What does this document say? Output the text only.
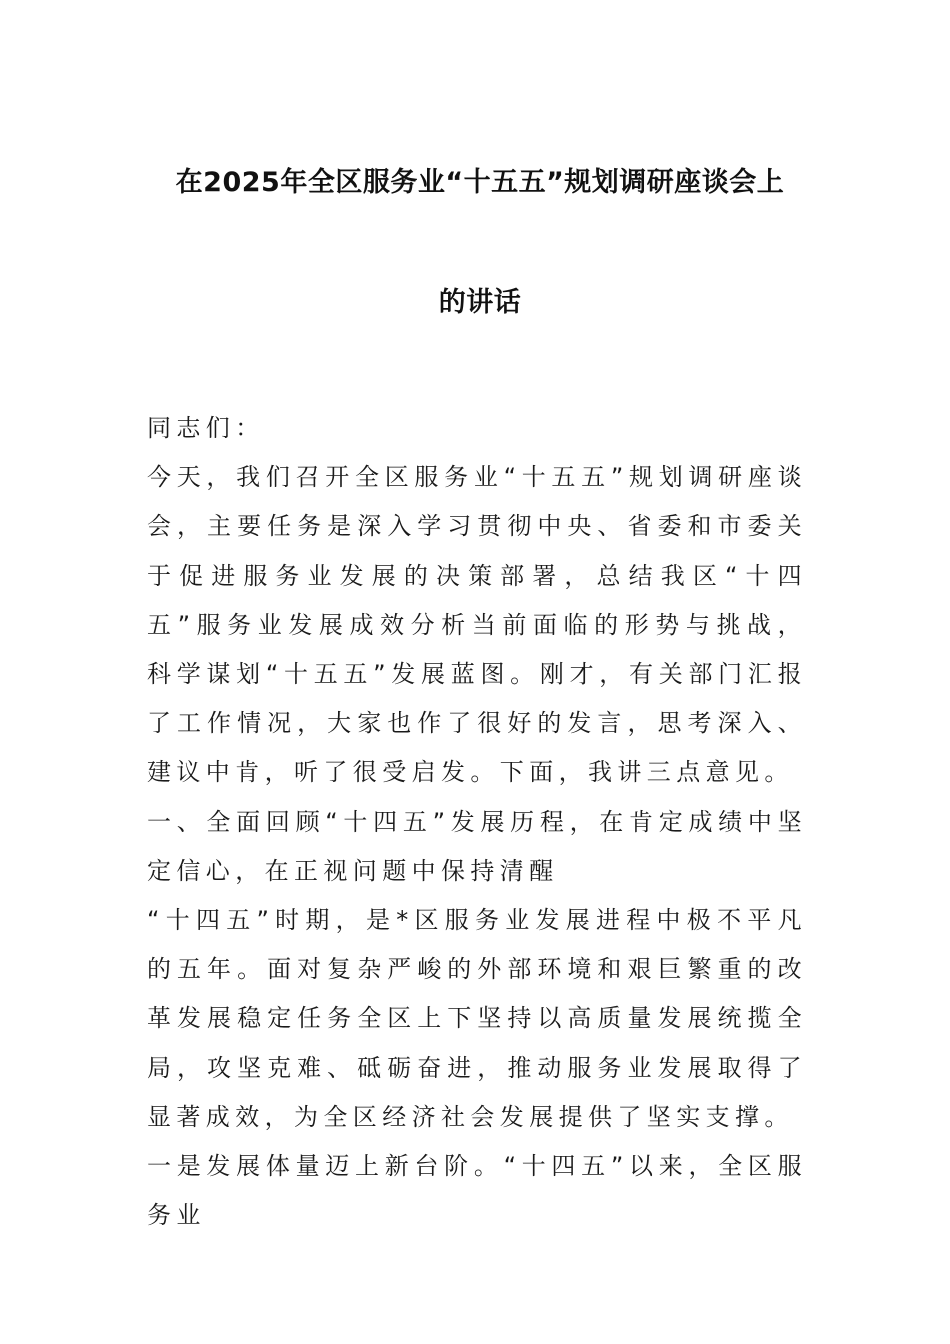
在2025年全区服务业“十五五”规划调研座谈会上
的讲话

同志们：

今天，我们召开全区服务业“十五五”规划调研座谈会，主要任务是深入学习贯彻中央、省委和市委关于促进服务业发展的决策部署，总结我区“十四五”服务业发展成效分析当前面临的形势与挑战，科学谋划“十五五”发展蓝图。刚才，有关部门汇报了工作情况，大家也作了很好的发言，思考深入、建议中肯，听了很受启发。下面，我讲三点意见。

一、全面回顾“十四五”发展历程，在肯定成绩中坚定信心，在正视问题中保持清醒

“十四五”时期，是*区服务业发展进程中极不平凡的五年。面对复杂严峻的外部环境和艰巨繁重的改革发展稳定任务全区上下坚持以高质量发展统揽全局，攻坚克难、砥砺奋进，推动服务业发展取得了显著成效，为全区经济社会发展提供了坚实支撑。

一是发展体量迈上新台阶。“十四五”以来，全区服务业
